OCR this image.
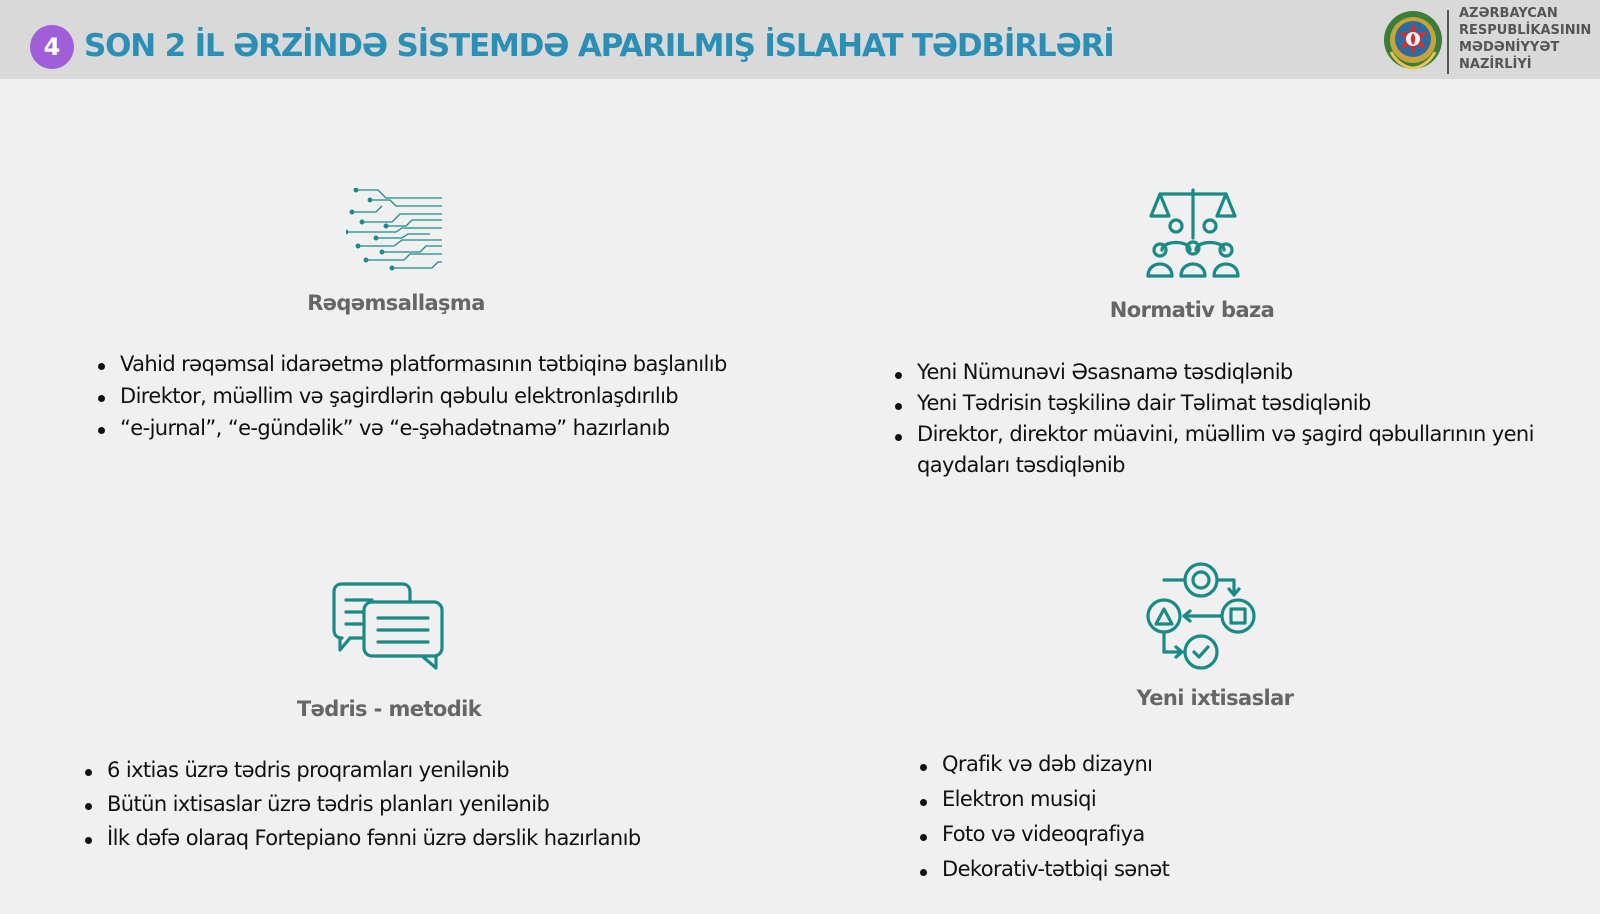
4 SON 2 İL ƏRZİNDƏ SİSTEMDƏ APARILMIŞ İSLAHAT TƏDBİRLƏRİ
AZƏRBAYCAN
RESPUBLİKASININ
MƏDƏNİYYƏT
NAZİRLİYİ
Rəqəmsallaşma
Vahid rəqəmsal idarəetmə platformasının tətbiqinə başlanılıb
Direktor, müəllim və şagirdlərin qəbulu elektronlaşdırılıb
“e-jurnal”, “e-gündəlik” və “e-şəhadətnamə” hazırlanıb
Normativ baza
Yeni Nümunəvi Əsasnamə təsdiqlənib
Yeni Tədrisin təşkilinə dair Təlimat təsdiqlənib
Direktor, direktor müavini, müəllim və şagird qəbullarının yeni qaydaları təsdiqlənib
Tədris - metodik
6 ixtias üzrə tədris proqramları yenilənib
Bütün ixtisaslar üzrə tədris planları yenilənib
İlk dəfə olaraq Fortepiano fənni üzrə dərslik hazırlanıb
Yeni ixtisaslar
Qrafik və dəb dizaynı
Elektron musiqi
Foto və videoqrafiya
Dekorativ-tətbiqi sənət
